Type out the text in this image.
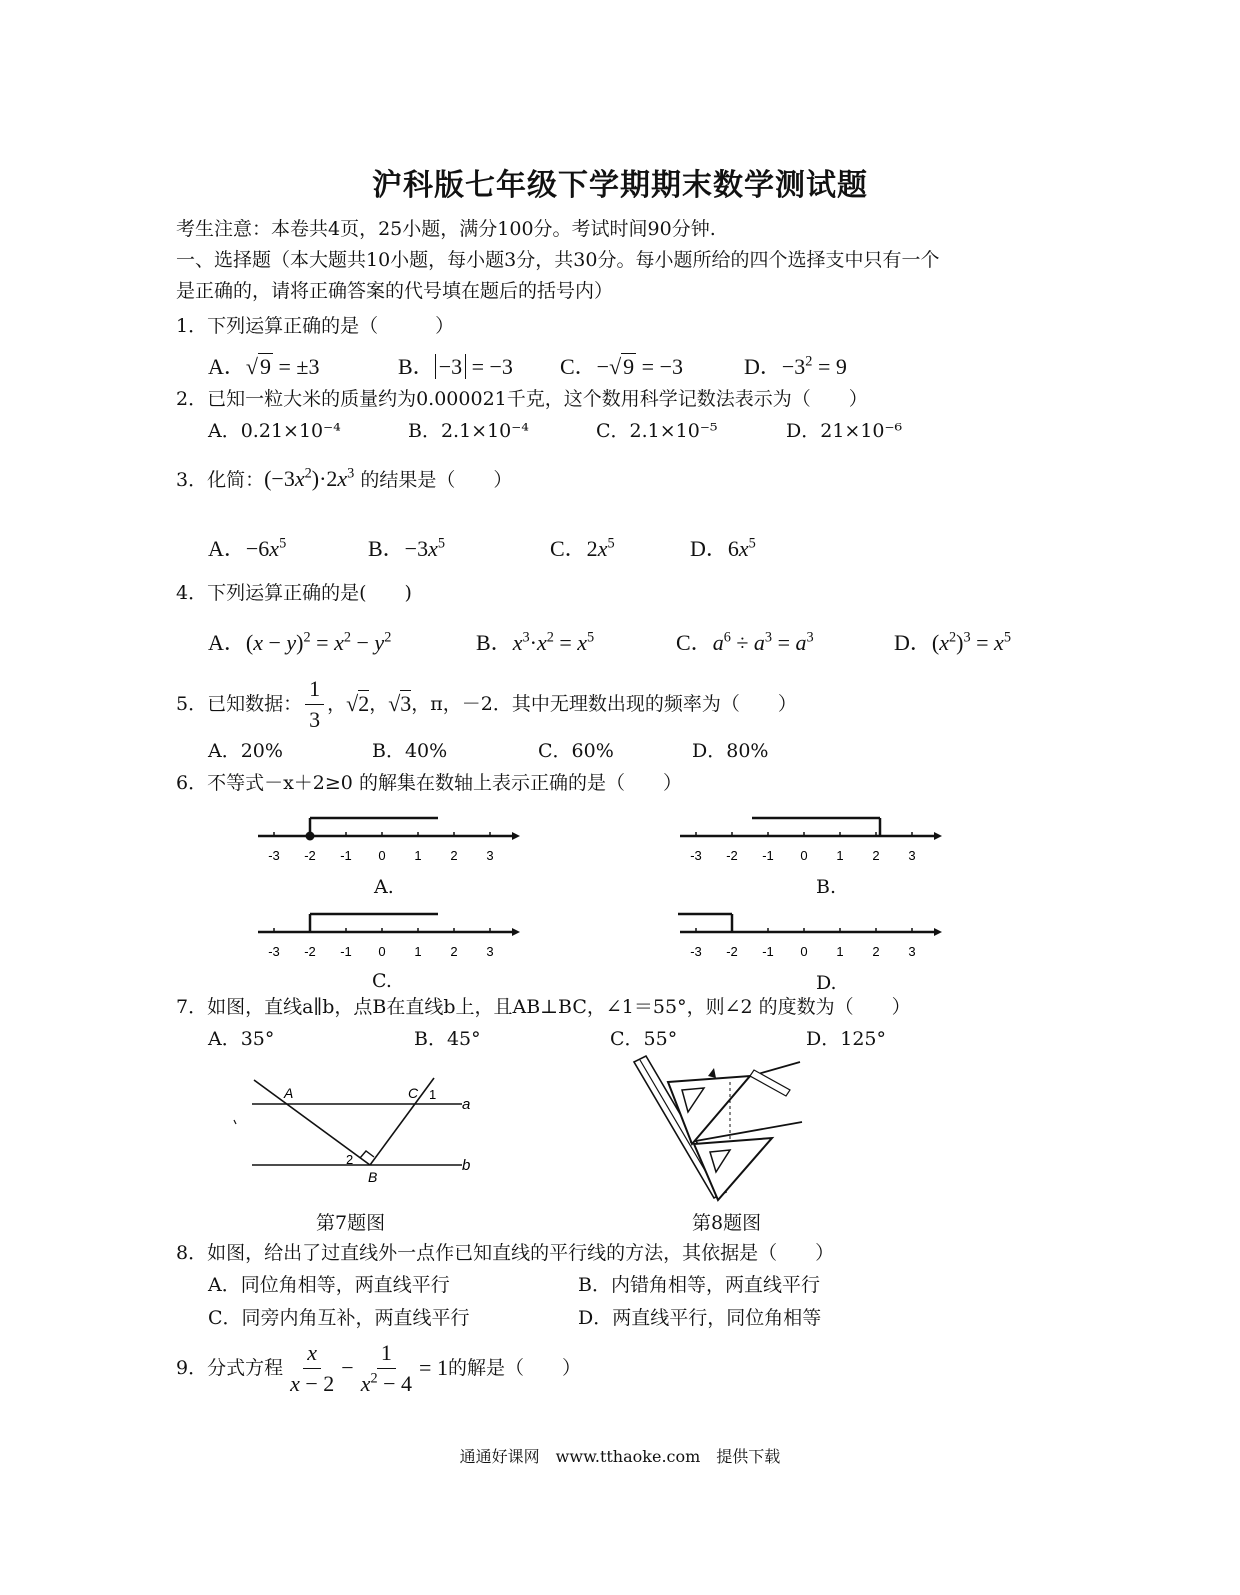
沪科版七年级下学期期末数学测试题
考生注意：本卷共4页，25小题，满分100分。考试时间90分钟.
一、选择题（本大题共10小题，每小题3分，共30分。每小题所给的四个选择支中只有一个
是正确的，请将正确答案的代号填在题后的括号内）
1．下列运算正确的是（　　　）
A．√9 = ±3	B． −3 = −3 C．−√9 = −3	D．$-3^2 = 9$
2．已知一粒大米的质量约为0.000021千克，这个数用科学记数法表示为（　　）
A．0.21×10⁻⁴	B．2.1×10⁻⁴	C．2.1×10⁻⁵	D．21×10⁻⁶
3．化简：$(-3x^2)\cdot 2x^3$ 的结果是（　　）
A．$-6x^5$	B．$-3x^5$	C．$2x^5$	D．$6x^5$
4．下列运算正确的是(　　)
A．$(x - y)^2 = x^2 - y^2$	B．$x^3\cdot x^2 = x^5$	C．$a^6 \div a^3 = a^3$	D．$(x^2)^3 = x^5$
5．已知数据： $\frac{1}{3}$ ， √2 ， √3 ，π，－2．其中无理数出现的频率为（　　）
A．20%	B．40%	C．60%	D．80%
6．不等式－x＋2≥0 的解集在数轴上表示正确的是（　　）
-3 -2 -1 0 1 2 3
A.
-3 -2 -1 0 1 2 3
B.
-3 -2 -1 0 1 2 3
C.
-3 -2 -1 0 1 2 3
D.
7．如图，直线a∥b，点B在直线b上，且AB⊥BC，∠1＝55°，则∠2 的度数为（　　）
A．35°	B．45°	C．55°	D．125°
A	C 1
a
2
B
b
第7题图	第8题图
8．如图，给出了过直线外一点作已知直线的平行线的方法，其依据是（　　）
A．同位角相等，两直线平行	B．内错角相等，两直线平行
C．同旁内角互补，两直线平行	D．两直线平行，同位角相等
9．分式方程 $\frac{x}{x - 2} - \frac{1}{x^2 - 4} = 1$ 的解是（　　）
通通好课网　www.tthaoke.com　提供下载
